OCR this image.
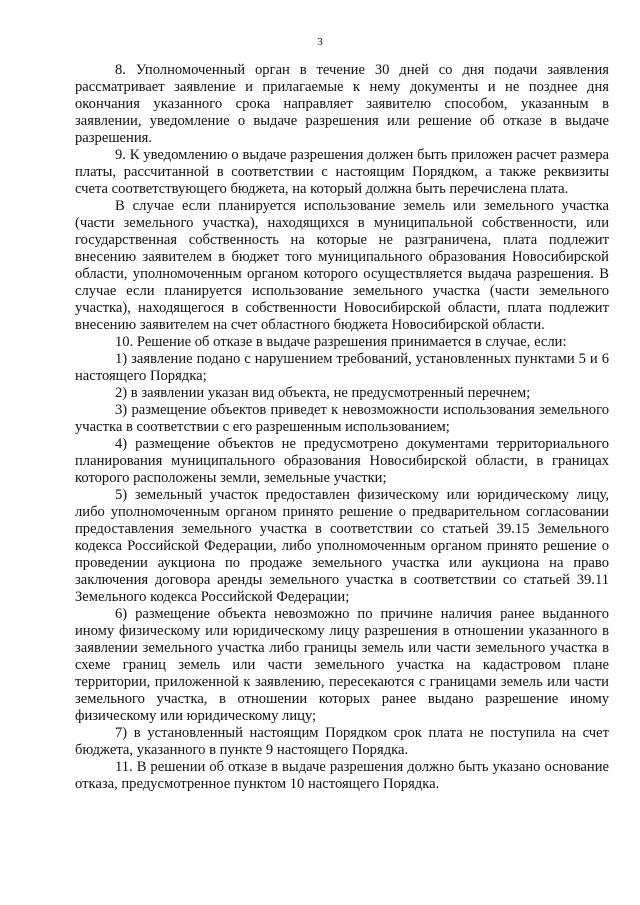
3

8. Уполномоченный орган в течение 30 дней со дня подачи заявления рассматривает заявление и прилагаемые к нему документы и не позднее дня окончания указанного срока направляет заявителю способом, указанным в заявлении, уведомление о выдаче разрешения или решение об отказе в выдаче разрешения.

9. К уведомлению о выдаче разрешения должен быть приложен расчет размера платы, рассчитанной в соответствии с настоящим Порядком, а также реквизиты счета соответствующего бюджета, на который должна быть перечислена плата.

В случае если планируется использование земель или земельного участка (части земельного участка), находящихся в муниципальной собственности, или государственная собственность на которые не разграничена, плата подлежит внесению заявителем в бюджет того муниципального образования Новосибирской области, уполномоченным органом которого осуществляется выдача разрешения. В случае если планируется использование земельного участка (части земельного участка), находящегося в собственности Новосибирской области, плата подлежит внесению заявителем на счет областного бюджета Новосибирской области.

10. Решение об отказе в выдаче разрешения принимается в случае, если:

1) заявление подано с нарушением требований, установленных пунктами 5 и 6 настоящего Порядка;

2) в заявлении указан вид объекта, не предусмотренный перечнем;

3) размещение объектов приведет к невозможности использования земельного участка в соответствии с его разрешенным использованием;

4) размещение объектов не предусмотрено документами территориального планирования муниципального образования Новосибирской области, в границах которого расположены земли, земельные участки;

5) земельный участок предоставлен физическому или юридическому лицу, либо уполномоченным органом принято решение о предварительном согласовании предоставления земельного участка в соответствии со статьей 39.15 Земельного кодекса Российской Федерации, либо уполномоченным органом принято решение о проведении аукциона по продаже земельного участка или аукциона на право заключения договора аренды земельного участка в соответствии со статьей 39.11 Земельного кодекса Российской Федерации;

6) размещение объекта невозможно по причине наличия ранее выданного иному физическому или юридическому лицу разрешения в отношении указанного в заявлении земельного участка либо границы земель или части земельного участка в схеме границ земель или части земельного участка на кадастровом плане территории, приложенной к заявлению, пересекаются с границами земель или части земельного участка, в отношении которых ранее выдано разрешение иному физическому или юридическому лицу;

7) в установленный настоящим Порядком срок плата не поступила на счет бюджета, указанного в пункте 9 настоящего Порядка.

11. В решении об отказе в выдаче разрешения должно быть указано основание отказа, предусмотренное пунктом 10 настоящего Порядка.
